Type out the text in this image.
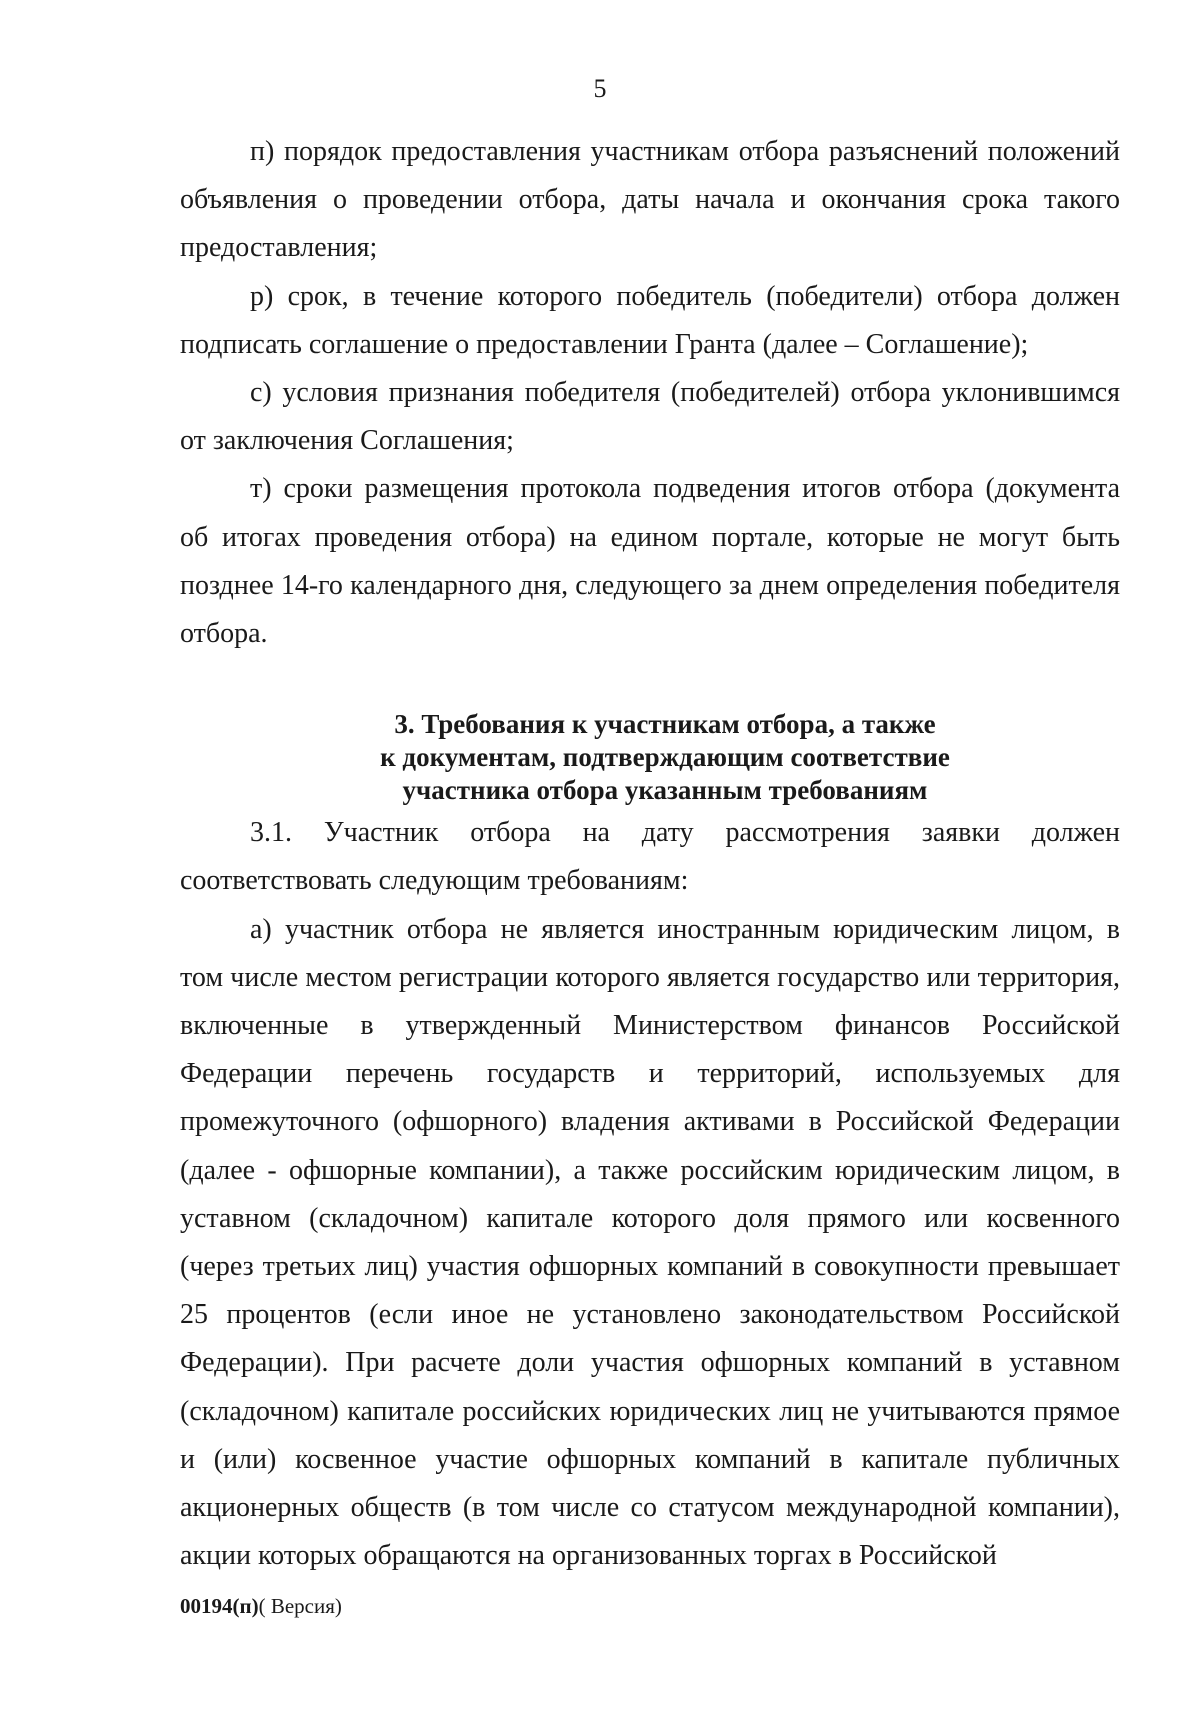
5

п) порядок предоставления участникам отбора разъяснений положений объявления о проведении отбора, даты начала и окончания срока такого предоставления;

р) срок, в течение которого победитель (победители) отбора должен подписать соглашение о предоставлении Гранта (далее – Соглашение);

с) условия признания победителя (победителей) отбора уклонившимся от заключения Соглашения;

т) сроки размещения протокола подведения итогов отбора (документа об итогах проведения отбора) на едином портале, которые не могут быть позднее 14-го календарного дня, следующего за днем определения победителя отбора.

3. Требования к участникам отбора, а также
к документам, подтверждающим соответствие
участника отбора указанным требованиям

3.1. Участник отбора на дату рассмотрения заявки должен соответствовать следующим требованиям:

а) участник отбора не является иностранным юридическим лицом, в том числе местом регистрации которого является государство или территория, включенные в утвержденный Министерством финансов Российской Федерации перечень государств и территорий, используемых для промежуточного (офшорного) владения активами в Российской Федерации (далее - офшорные компании), а также российским юридическим лицом, в уставном (складочном) капитале которого доля прямого или косвенного (через третьих лиц) участия офшорных компаний в совокупности превышает 25 процентов (если иное не установлено законодательством Российской Федерации). При расчете доли участия офшорных компаний в уставном (складочном) капитале российских юридических лиц не учитываются прямое и (или) косвенное участие офшорных компаний в капитале публичных акционерных обществ (в том числе со статусом международной компании), акции которых обращаются на организованных торгах в Российской

00194(п)( Версия)
